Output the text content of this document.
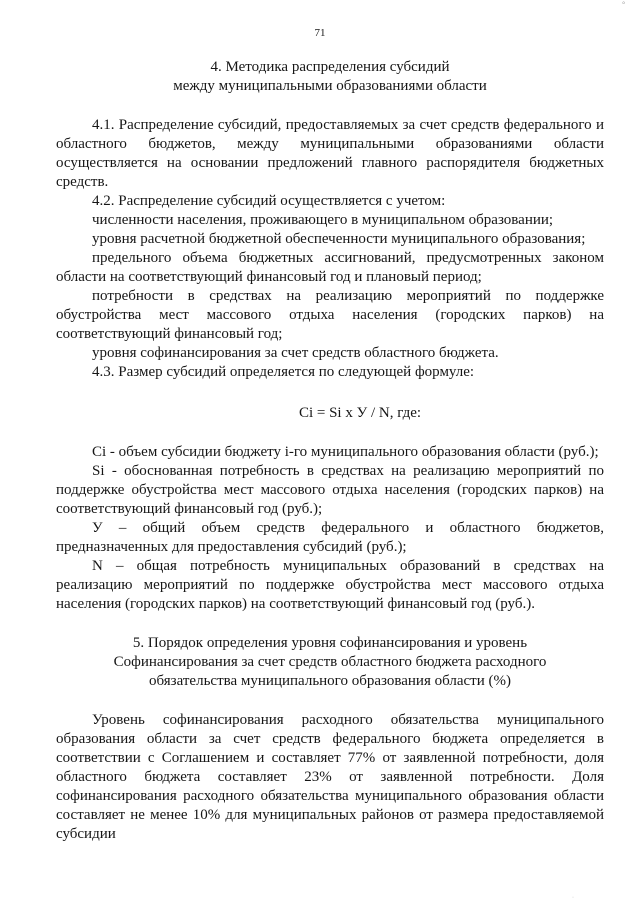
71
°
·

4. Методика распределения субсидий

между муниципальными образованиями области

4.1. Распределение субсидий, предоставляемых за счет средств федерального и областного бюджетов, между муниципальными образованиями области осуществляется на основании предложений главного распорядителя бюджетных средств.

4.2. Распределение субсидий осуществляется с учетом:

численности населения, проживающего в муниципальном образовании;

уровня расчетной бюджетной обеспеченности муниципального образования;

предельного объема бюджетных ассигнований, предусмотренных законом области на соответствующий финансовый год и плановый период;

потребности в средствах на реализацию мероприятий по поддержке обустройства мест массового отдыха населения (городских парков) на соответствующий финансовый год;

уровня софинансирования за счет средств областного бюджета.

4.3. Размер субсидий определяется по следующей формуле:

Сi = Si x У / N, где:

Сi - объем субсидии бюджету i-го муниципального образования области (руб.);

Si - обоснованная потребность в средствах на реализацию мероприятий по поддержке обустройства мест массового отдыха населения (городских парков) на соответствующий финансовый год (руб.);

У – общий объем средств федерального и областного бюджетов, предназначенных для предоставления субсидий (руб.);

N – общая потребность муниципальных образований в средствах на реализацию мероприятий по поддержке обустройства мест массового отдыха населения (городских парков) на соответствующий финансовый год (руб.).

5. Порядок определения уровня софинансирования и уровень

Софинансирования за счет средств областного бюджета расходного обязательства муниципального образования области (%)

Уровень софинансирования расходного обязательства муниципального образования области за счет средств федерального бюджета определяется в соответствии с Соглашением и составляет 77% от заявленной потребности, доля областного бюджета составляет 23% от заявленной потребности. Доля софинансирования расходного обязательства муниципального образования области составляет не менее 10% для муниципальных районов от размера предоставляемой субсидии
